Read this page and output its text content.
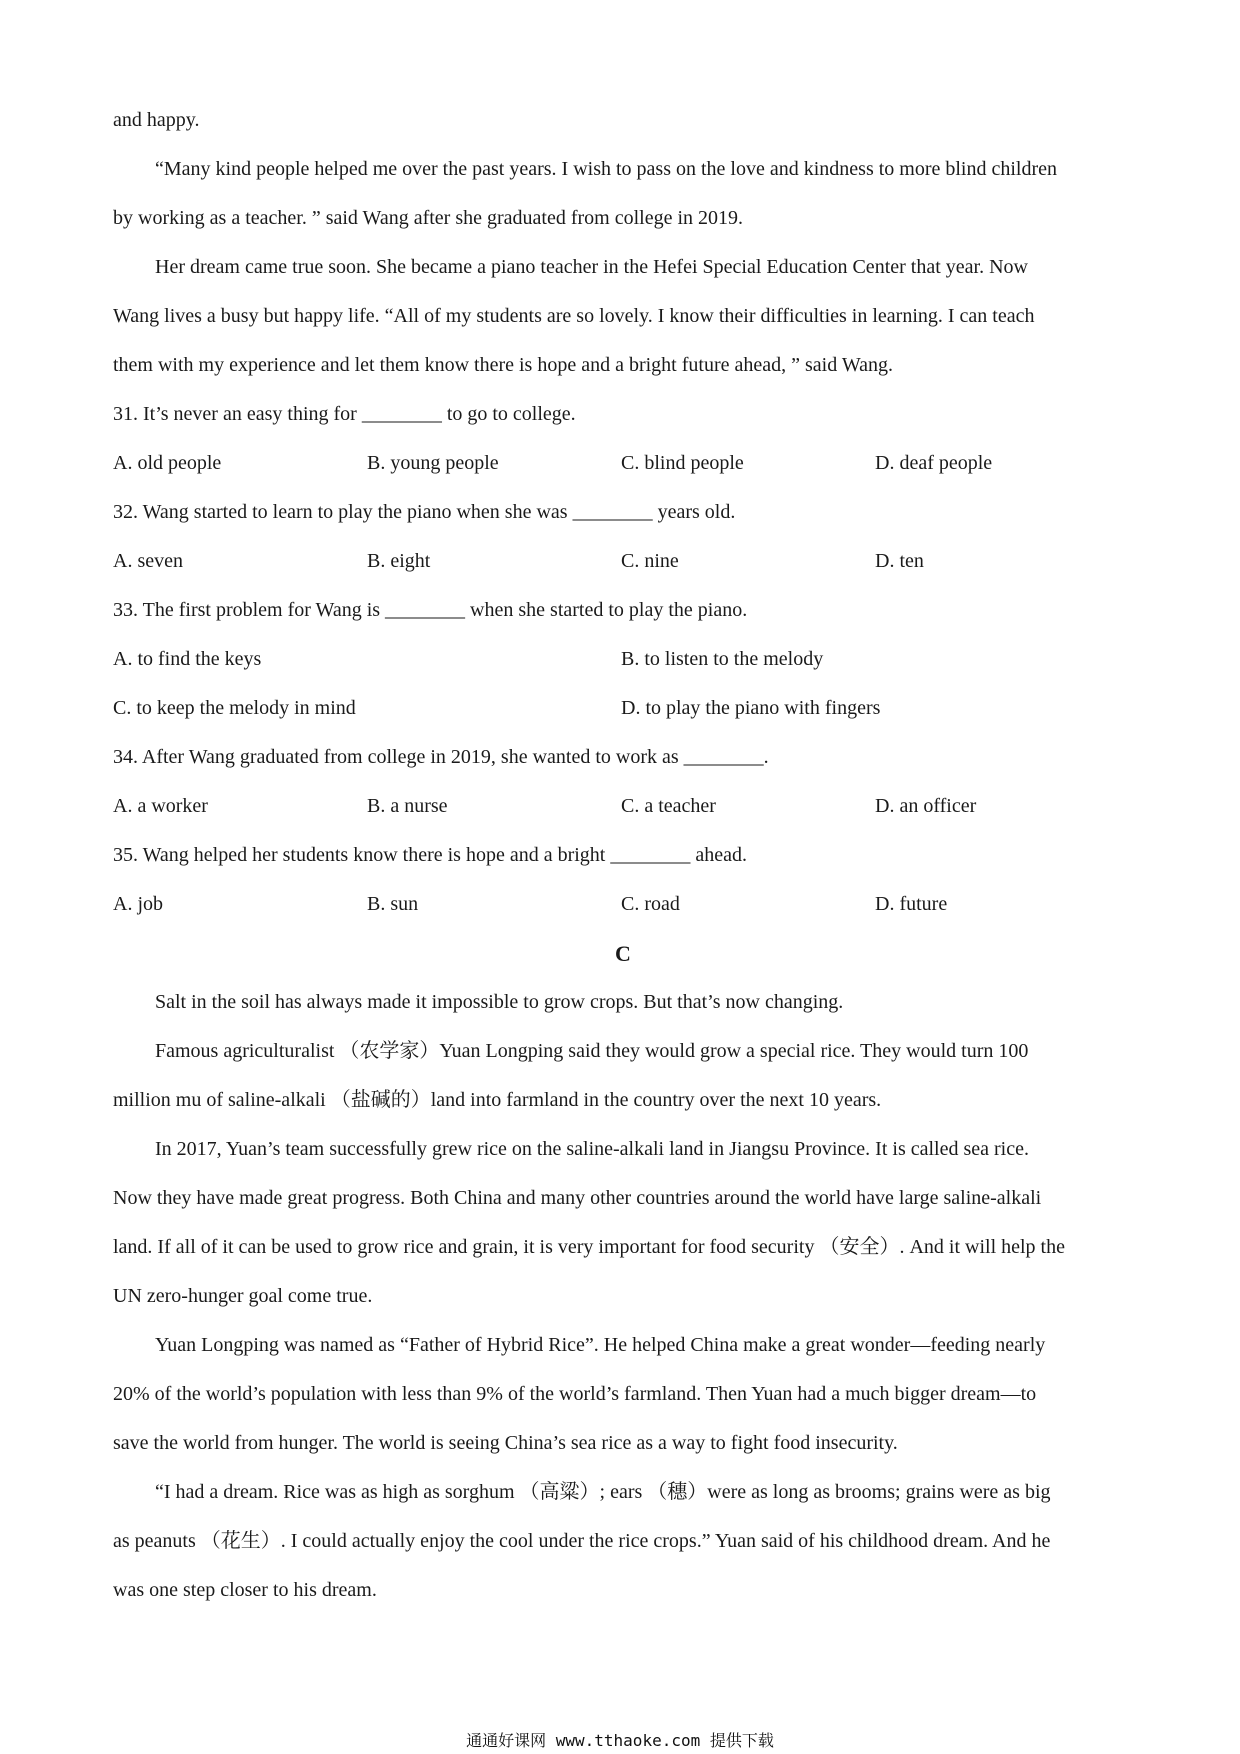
and happy.
“Many kind people helped me over the past years. I wish to pass on the love and kindness to more blind children
by working as a teacher. ” said Wang after she graduated from college in 2019.
Her dream came true soon. She became a piano teacher in the Hefei Special Education Center that year. Now
Wang lives a busy but happy life. “All of my students are so lovely. I know their difficulties in learning. I can teach
them with my experience and let them know there is hope and a bright future ahead, ” said Wang.
31. It’s never an easy thing for ________ to go to college.
A. old people	B. young people	C. blind people	D. deaf people
32. Wang started to learn to play the piano when she was ________ years old.
A. seven	B. eight	C. nine	D. ten
33. The first problem for Wang is ________ when she started to play the piano.
A. to find the keys	B. to listen to the melody
C. to keep the melody in mind	D. to play the piano with fingers
34. After Wang graduated from college in 2019, she wanted to work as ________.
A. a worker	B. a nurse	C. a teacher	D. an officer
35. Wang helped her students know there is hope and a bright ________ ahead.
A. job	B. sun	C. road	D. future
C
Salt in the soil has always made it impossible to grow crops. But that’s now changing.
Famous agriculturalist （农学家）Yuan Longping said they would grow a special rice. They would turn 100
million mu of saline-alkali （盐碱的）land into farmland in the country over the next 10 years.
In 2017, Yuan’s team successfully grew rice on the saline-alkali land in Jiangsu Province. It is called sea rice.
Now they have made great progress. Both China and many other countries around the world have large saline-alkali
land. If all of it can be used to grow rice and grain, it is very important for food security （安全）. And it will help the
UN zero-hunger goal come true.
Yuan Longping was named as “Father of Hybrid Rice”. He helped China make a great wonder—feeding nearly
20% of the world’s population with less than 9% of the world’s farmland. Then Yuan had a much bigger dream—to
save the world from hunger. The world is seeing China’s sea rice as a way to fight food insecurity.
“I had a dream. Rice was as high as sorghum （高粱）; ears （穗）were as long as brooms; grains were as big
as peanuts （花生）. I could actually enjoy the cool under the rice crops.” Yuan said of his childhood dream. And he
was one step closer to his dream.
通通好课网 www.tthaoke.com 提供下载
